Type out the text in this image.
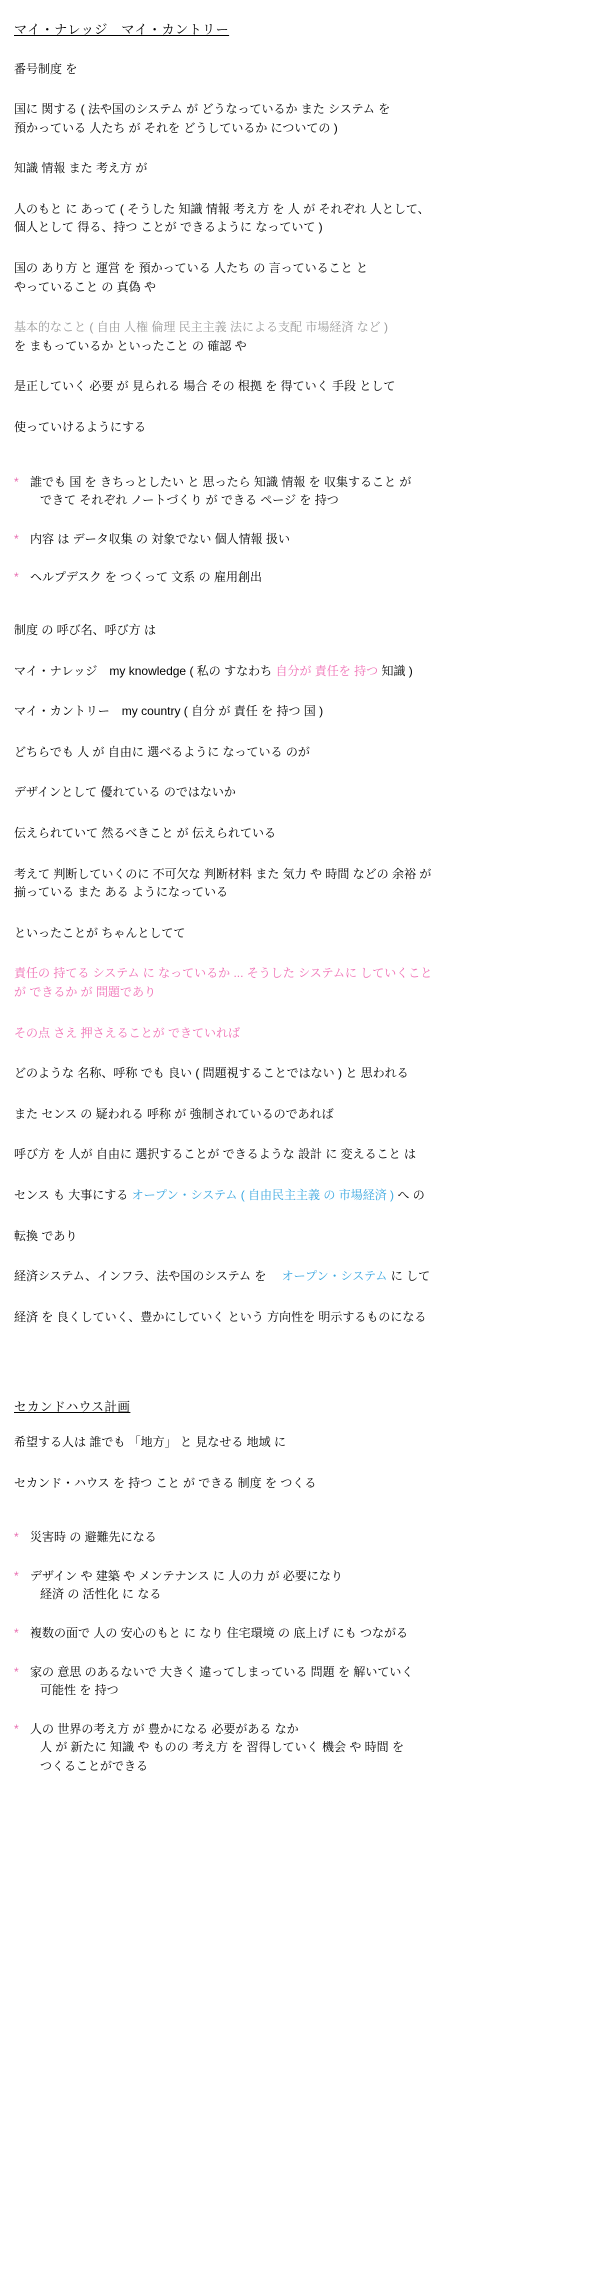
マイ・ナレッジ　マイ・カントリー
番号制度 を
国に 関する ( 法や国のシステム が どうなっているか また システム を
預かっている 人たち が それを どうしているか についての )
知識 情報 また 考え方 が
人のもと に あって ( そうした 知識 情報 考え方 を 人 が それぞれ 人として、
個人として 得る、持つ ことが できるように なっていて )
国の あり方 と 運営 を 預かっている 人たち の 言っていること と
やっていること の 真偽 や
基本的なこと ( 自由 人権 倫理 民主主義 法による支配 市場経済 など )
を まもっているか といったこと の 確認 や
是正していく 必要 が 見られる 場合 その 根拠 を 得ていく 手段 として
使っていけるようにする
* 誰でも 国 を きちっとしたい と 思ったら 知識 情報 を 収集すること が
できて それぞれ ノートづくり が できる ページ を 持つ
* 内容 は データ収集 の 対象でない 個人情報 扱い
* ヘルプデスク を つくって 文系 の 雇用創出
制度 の 呼び名、呼び方 は
マイ・ナレッジ　my knowledge ( 私の すなわち 自分が 責任を 持つ 知識 )
マイ・カントリー　my country ( 自分 が 責任 を 持つ 国 )
どちらでも 人 が 自由に 選べるように なっている のが
デザインとして 優れている のではないか
伝えられていて 然るべきこと が 伝えられている
考えて 判断していくのに 不可欠な 判断材料 また 気力 や 時間 などの 余裕 が
揃っている また ある ようになっている
といったことが ちゃんとしてて
責任の 持てる システム に なっているか ... そうした システムに していくこと
が できるか が 問題であり
その点 さえ 押さえることが できていれば
どのような 名称、呼称 でも 良い ( 問題視することではない ) と 思われる
また センス の 疑われる 呼称 が 強制されているのであれば
呼び方 を 人が 自由に 選択することが できるような 設計 に 変えること は
センス も 大事にする オープン・システム ( 自由民主主義 の 市場経済 ) へ の
転換 であり
経済システム、インフラ、法や国のシステム を 　オープン・システム に して
経済 を 良くしていく、豊かにしていく という 方向性を 明示するものになる
セカンドハウス計画
希望する人は 誰でも 「地方」 と 見なせる 地域 に
セカンド・ハウス を 持つ こと が できる 制度 を つくる
* 災害時 の 避難先になる
* デザイン や 建築 や メンテナンス に 人の力 が 必要になり
経済 の 活性化 に なる
* 複数の面で 人の 安心のもと に なり 住宅環境 の 底上げ にも つながる
* 家の 意思 のあるないで 大きく 違ってしまっている 問題 を 解いていく
可能性 を 持つ
* 人の 世界の考え方 が 豊かになる 必要がある なか
人 が 新たに 知識 や ものの 考え方 を 習得していく 機会 や 時間 を
つくることができる
